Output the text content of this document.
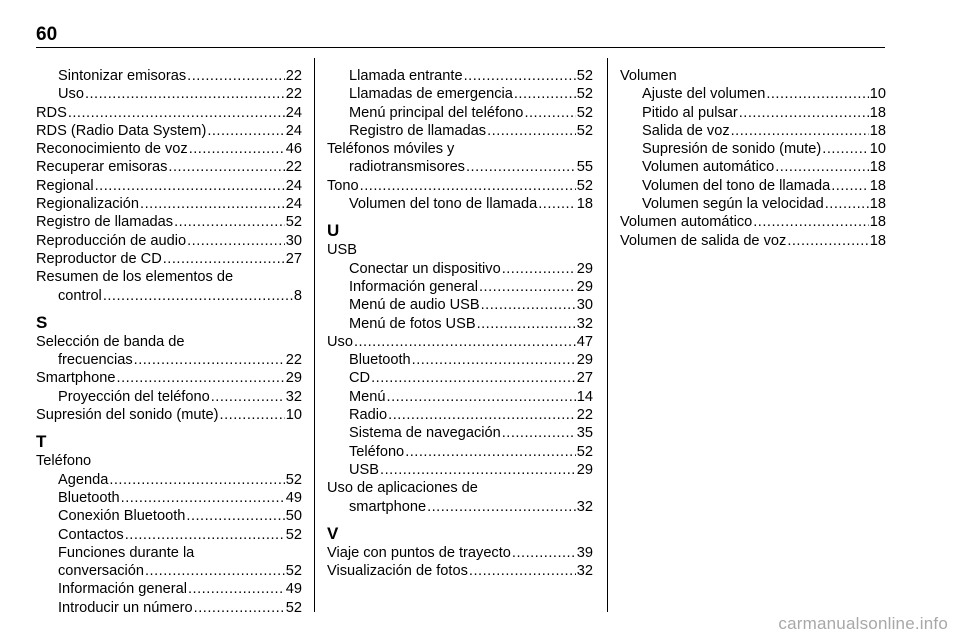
60
Sintonizar emisoras .....	22
Uso .....	22
RDS .....	24
RDS (Radio Data System) .....	24
Reconocimiento de voz .....	46
Recuperar emisoras .....	22
Regional .....	24
Regionalización .....	24
Registro de llamadas .....	52
Reproducción de audio .....	30
Reproductor de CD .....	27
Resumen de los elementos de
control .....	8
S
Selección de banda de
frecuencias .....	22
Smartphone .....	29
Proyección del teléfono .....	32
Supresión del sonido (mute) .....	10
T
Teléfono
Agenda .....	52
Bluetooth .....	49
Conexión Bluetooth .....	50
Contactos .....	52
Funciones durante la
conversación .....	52
Información general .....	49
Introducir un número .....	52
Llamada entrante .....	52
Llamadas de emergencia .....	52
Menú principal del teléfono .....	52
Registro de llamadas .....	52
Teléfonos móviles y
radiotransmisores .....	55
Tono .....	52
Volumen del tono de llamada .....	18
U
USB
Conectar un dispositivo .....	29
Información general .....	29
Menú de audio USB .....	30
Menú de fotos USB .....	32
Uso .....	47
Bluetooth .....	29
CD .....	27
Menú .....	14
Radio .....	22
Sistema de navegación .....	35
Teléfono .....	52
USB .....	29
Uso de aplicaciones de
smartphone .....	32
V
Viaje con puntos de trayecto .....	39
Visualización de fotos .....	32
Volumen
Ajuste del volumen .....	10
Pitido al pulsar .....	18
Salida de voz .....	18
Supresión de sonido (mute) .....	10
Volumen automático .....	18
Volumen del tono de llamada .....	18
Volumen según la velocidad .....	18
Volumen automático .....	18
Volumen de salida de voz .....	18
carmanualsonline.info
